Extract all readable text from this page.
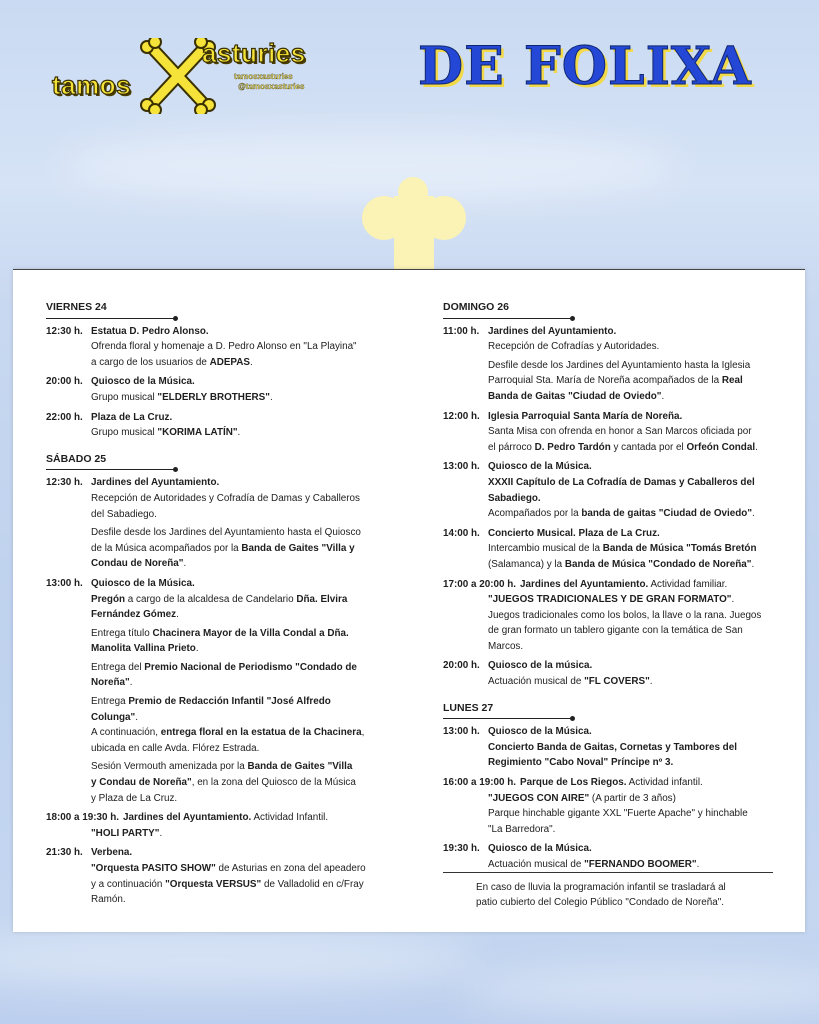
tamos
asturies
tamosxasturies
@tamosxasturies DE FOLIXA
VIERNES 24
12:30 h. Estatua D. Pedro Alonso.
Ofrenda floral y homenaje a D. Pedro Alonso en "La Playina"
a cargo de los usuarios de ADEPAS.
20:00 h. Quiosco de la Música.
Grupo musical "ELDERLY BROTHERS".
22:00 h. Plaza de La Cruz.
Grupo musical "KORIMA LATÍN".
SÁBADO 25
12:30 h. Jardines del Ayuntamiento.
Recepción de Autoridades y Cofradía de Damas y Caballeros
del Sabadiego.
Desfile desde los Jardines del Ayuntamiento hasta el Quiosco
de la Música acompañados por la Banda de Gaites "Villa y
Condau de Noreña".
13:00 h. Quiosco de la Música.
Pregón a cargo de la alcaldesa de Candelario Dña. Elvira
Fernández Gómez.
Entrega título Chacinera Mayor de la Villa Condal a Dña.
Manolita Vallina Prieto.
Entrega del Premio Nacional de Periodismo "Condado de
Noreña".
Entrega Premio de Redacción Infantil "José Alfredo Colunga".
A continuación, entrega floral en la estatua de la Chacinera,
ubicada en calle Avda. Flórez Estrada.
Sesión Vermouth amenizada por la Banda de Gaites "Villa
y Condau de Noreña", en la zona del Quiosco de la Música
y Plaza de La Cruz.
18:00 a 19:30 h. Jardines del Ayuntamiento. Actividad Infantil.
"HOLI PARTY".
21:30 h. Verbena.
"Orquesta PASITO SHOW" de Asturias en zona del apeadero
y a continuación "Orquesta VERSUS" de Valladolid en c/Fray
Ramón.
DOMINGO 26
11:00 h. Jardines del Ayuntamiento.
Recepción de Cofradías y Autoridades.
Desfile desde los Jardines del Ayuntamiento hasta la Iglesia
Parroquial Sta. María de Noreña acompañados de la Real
Banda de Gaitas "Ciudad de Oviedo".
12:00 h. Iglesia Parroquial Santa María de Noreña.
Santa Misa con ofrenda en honor a San Marcos oficiada por
el párroco D. Pedro Tardón y cantada por el Orfeón Condal.
13:00 h. Quiosco de la Música.
XXXII Capítulo de La Cofradía de Damas y Caballeros del
Sabadiego.
Acompañados por la banda de gaitas "Ciudad de Oviedo".
14:00 h. Concierto Musical. Plaza de La Cruz.
Intercambio musical de la Banda de Música "Tomás Bretón
(Salamanca) y la Banda de Música "Condado de Noreña".
17:00 a 20:00 h. Jardines del Ayuntamiento. Actividad familiar.
"JUEGOS TRADICIONALES Y DE GRAN FORMATO".
Juegos tradicionales como los bolos, la llave o la rana. Juegos
de gran formato un tablero gigante con la temática de San
Marcos.
20:00 h. Quiosco de la música.
Actuación musical de "FL COVERS".
LUNES 27
13:00 h. Quiosco de la Música.
Concierto Banda de Gaitas, Cornetas y Tambores del
Regimiento "Cabo Noval" Príncipe nº 3.
16:00 a 19:00 h. Parque de Los Riegos. Actividad infantil.
"JUEGOS CON AIRE" (A partir de 3 años)
Parque hinchable gigante XXL "Fuerte Apache" y hinchable
"La Barredora".
19:30 h. Quiosco de la Música.
Actuación musical de "FERNANDO BOOMER".
En caso de lluvia la programación infantil se trasladará al
patio cubierto del Colegio Público "Condado de Noreña".
